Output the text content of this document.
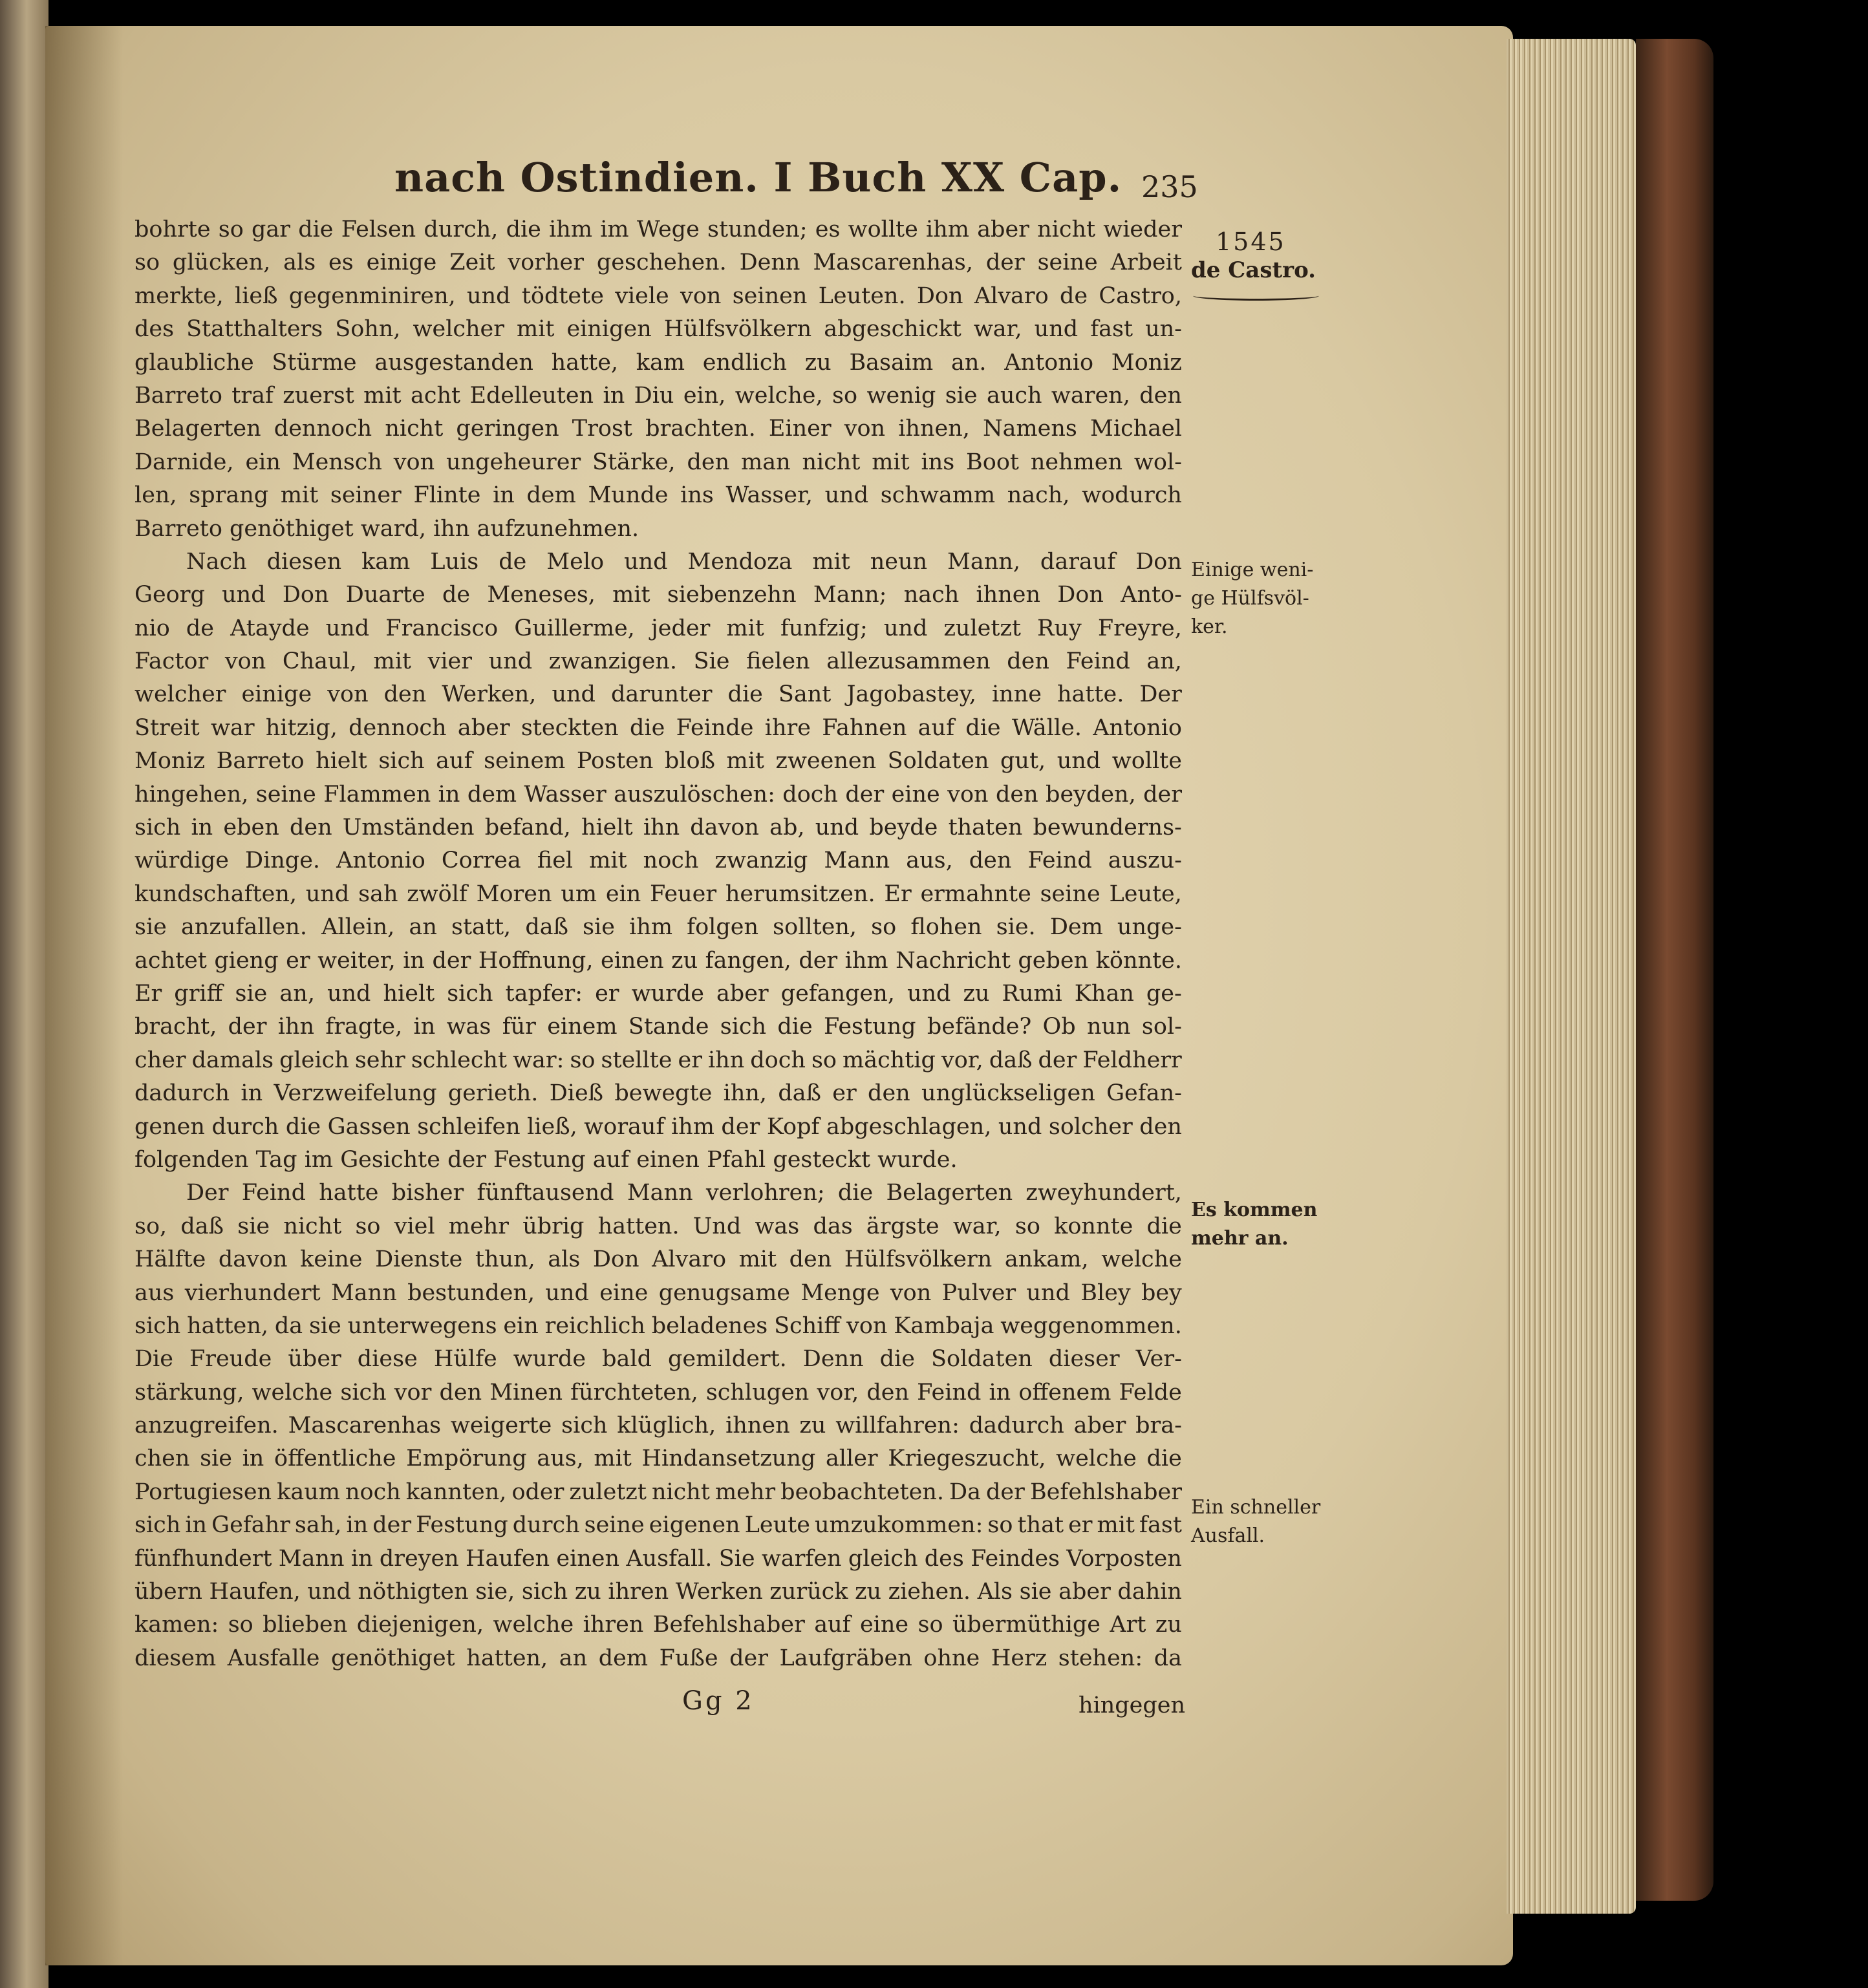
nach Ostindien. I Buch XX Cap. 235
bohrte so gar die Felsen durch, die ihm im Wege stunden; es wollte ihm aber nicht wieder
so glücken, als es einige Zeit vorher geschehen. Denn Mascarenhas, der seine Arbeit
merkte, ließ gegenminiren, und tödtete viele von seinen Leuten. Don Alvaro de Castro,
des Statthalters Sohn, welcher mit einigen Hülfsvölkern abgeschickt war, und fast un-
glaubliche Stürme ausgestanden hatte, kam endlich zu Basaim an. Antonio Moniz
Barreto traf zuerst mit acht Edelleuten in Diu ein, welche, so wenig sie auch waren, den
Belagerten dennoch nicht geringen Trost brachten. Einer von ihnen, Namens Michael
Darnide, ein Mensch von ungeheurer Stärke, den man nicht mit ins Boot nehmen wol-
len, sprang mit seiner Flinte in dem Munde ins Wasser, und schwamm nach, wodurch
Barreto genöthiget ward, ihn aufzunehmen.
Nach diesen kam Luis de Melo und Mendoza mit neun Mann, darauf Don
Georg und Don Duarte de Meneses, mit siebenzehn Mann; nach ihnen Don Anto-
nio de Atayde und Francisco Guillerme, jeder mit funfzig; und zuletzt Ruy Freyre,
Factor von Chaul, mit vier und zwanzigen. Sie fielen allezusammen den Feind an,
welcher einige von den Werken, und darunter die Sant Jagobastey, inne hatte. Der
Streit war hitzig, dennoch aber steckten die Feinde ihre Fahnen auf die Wälle. Antonio
Moniz Barreto hielt sich auf seinem Posten bloß mit zweenen Soldaten gut, und wollte
hingehen, seine Flammen in dem Wasser auszulöschen: doch der eine von den beyden, der
sich in eben den Umständen befand, hielt ihn davon ab, und beyde thaten bewunderns-
würdige Dinge. Antonio Correa fiel mit noch zwanzig Mann aus, den Feind auszu-
kundschaften, und sah zwölf Moren um ein Feuer herumsitzen. Er ermahnte seine Leute,
sie anzufallen. Allein, an statt, daß sie ihm folgen sollten, so flohen sie. Dem unge-
achtet gieng er weiter, in der Hoffnung, einen zu fangen, der ihm Nachricht geben könnte.
Er griff sie an, und hielt sich tapfer: er wurde aber gefangen, und zu Rumi Khan ge-
bracht, der ihn fragte, in was für einem Stande sich die Festung befände? Ob nun sol-
cher damals gleich sehr schlecht war: so stellte er ihn doch so mächtig vor, daß der Feldherr
dadurch in Verzweifelung gerieth. Dieß bewegte ihn, daß er den unglückseligen Gefan-
genen durch die Gassen schleifen ließ, worauf ihm der Kopf abgeschlagen, und solcher den
folgenden Tag im Gesichte der Festung auf einen Pfahl gesteckt wurde.
Der Feind hatte bisher fünftausend Mann verlohren; die Belagerten zweyhundert,
so, daß sie nicht so viel mehr übrig hatten. Und was das ärgste war, so konnte die
Hälfte davon keine Dienste thun, als Don Alvaro mit den Hülfsvölkern ankam, welche
aus vierhundert Mann bestunden, und eine genugsame Menge von Pulver und Bley bey
sich hatten, da sie unterwegens ein reichlich beladenes Schiff von Kambaja weggenommen.
Die Freude über diese Hülfe wurde bald gemildert. Denn die Soldaten dieser Ver-
stärkung, welche sich vor den Minen fürchteten, schlugen vor, den Feind in offenem Felde
anzugreifen. Mascarenhas weigerte sich klüglich, ihnen zu willfahren: dadurch aber bra-
chen sie in öffentliche Empörung aus, mit Hindansetzung aller Kriegeszucht, welche die
Portugiesen kaum noch kannten, oder zuletzt nicht mehr beobachteten. Da der Befehlshaber
sich in Gefahr sah, in der Festung durch seine eigenen Leute umzukommen: so that er mit fast
fünfhundert Mann in dreyen Haufen einen Ausfall. Sie warfen gleich des Feindes Vorposten
übern Haufen, und nöthigten sie, sich zu ihren Werken zurück zu ziehen. Als sie aber dahin
kamen: so blieben diejenigen, welche ihren Befehlshaber auf eine so übermüthige Art zu
diesem Ausfalle genöthiget hatten, an dem Fuße der Laufgräben ohne Herz stehen: da
1545
de Castro.
Einige weni-
ge Hülfsvöl-
ker.
Es kommen
mehr an.
Ein schneller
Ausfall.
Gg 2	hingegen
